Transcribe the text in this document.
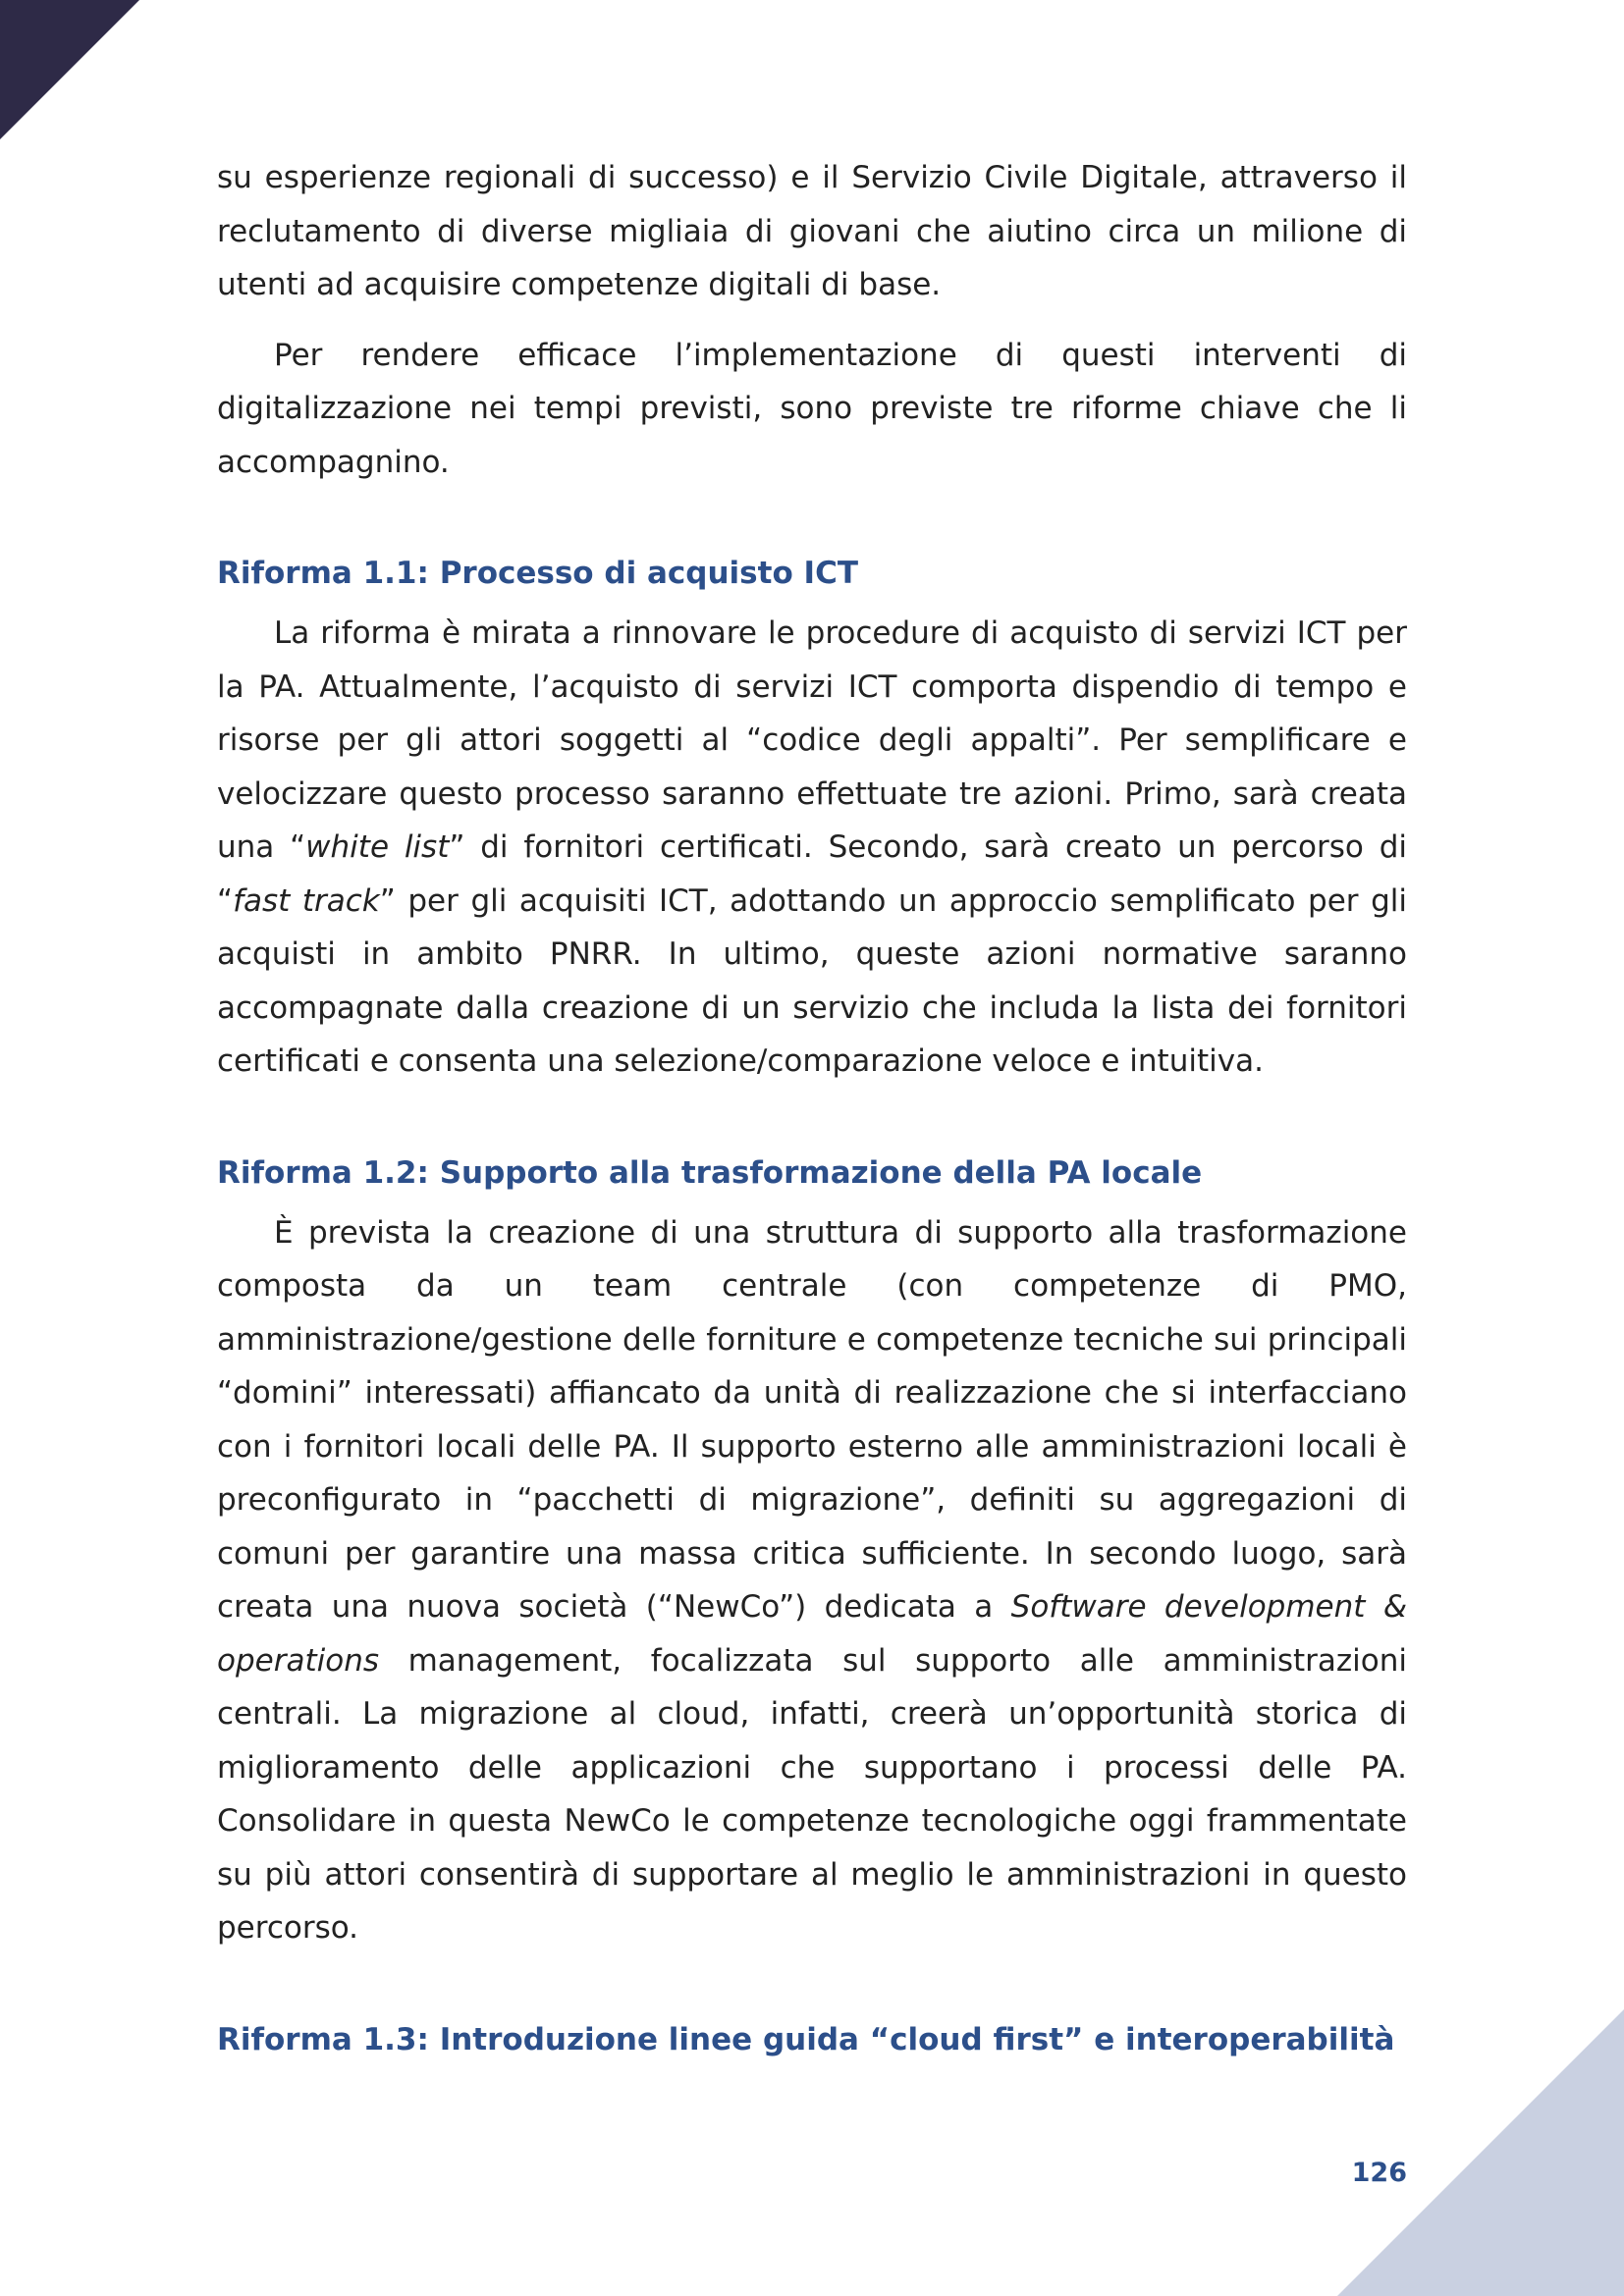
su esperienze regionali di successo) e il Servizio Civile Digitale, attraverso il reclutamento di diverse migliaia di giovani che aiutino circa un milione di utenti ad acquisire competenze digitali di base.

Per rendere efficace l’implementazione di questi interventi di digitalizzazione nei tempi previsti, sono previste tre riforme chiave che li accompagnino.

Riforma 1.1: Processo di acquisto ICT

La riforma è mirata a rinnovare le procedure di acquisto di servizi ICT per la PA. Attualmente, l’acquisto di servizi ICT comporta dispendio di tempo e risorse per gli attori soggetti al “codice degli appalti”. Per semplificare e velocizzare questo processo saranno effettuate tre azioni. Primo, sarà creata una “white list” di fornitori certificati. Secondo, sarà creato un percorso di “fast track” per gli acquisiti ICT, adottando un approccio semplificato per gli acquisti in ambito PNRR. In ultimo, queste azioni normative saranno accompagnate dalla creazione di un servizio che includa la lista dei fornitori certificati e consenta una selezione/comparazione veloce e intuitiva.

Riforma 1.2: Supporto alla trasformazione della PA locale

È prevista la creazione di una struttura di supporto alla trasformazione composta da un team centrale (con competenze di PMO, amministrazione/gestione delle forniture e competenze tecniche sui principali “domini” interessati) affiancato da unità di realizzazione che si interfacciano con i fornitori locali delle PA. Il supporto esterno alle amministrazioni locali è preconfigurato in “pacchetti di migrazione”, definiti su aggregazioni di comuni per garantire una massa critica sufficiente. In secondo luogo, sarà creata una nuova società (“NewCo”) dedicata a Software development & operations management, focalizzata sul supporto alle amministrazioni centrali. La migrazione al cloud, infatti, creerà un’opportunità storica di miglioramento delle applicazioni che supportano i processi delle PA. Consolidare in questa NewCo le competenze tecnologiche oggi frammentate su più attori consentirà di supportare al meglio le amministrazioni in questo percorso.

Riforma 1.3: Introduzione linee guida “cloud first” e interoperabilità
126
